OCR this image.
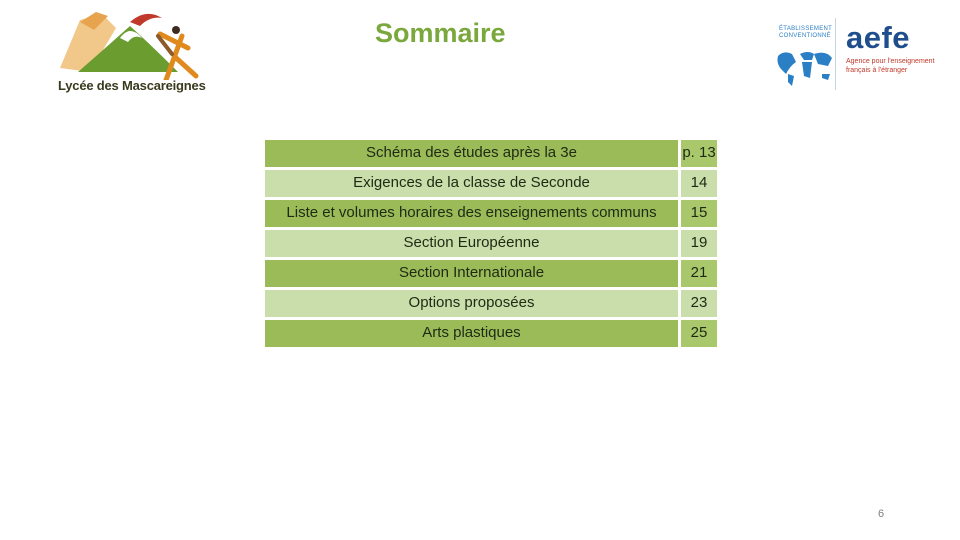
Lycée des Mascareignes
Sommaire	ÉTABLISSEMENT CONVENTIONNÉ aefe
Agence pour l'enseignement français à l'étranger
Schéma des études après la 3e		p. 13
Exigences de la classe de Seconde		14
Liste et volumes horaires des enseignements communs		15
Section Européenne		19
Section Internationale		21
Options proposées		23
Arts plastiques		25
6
